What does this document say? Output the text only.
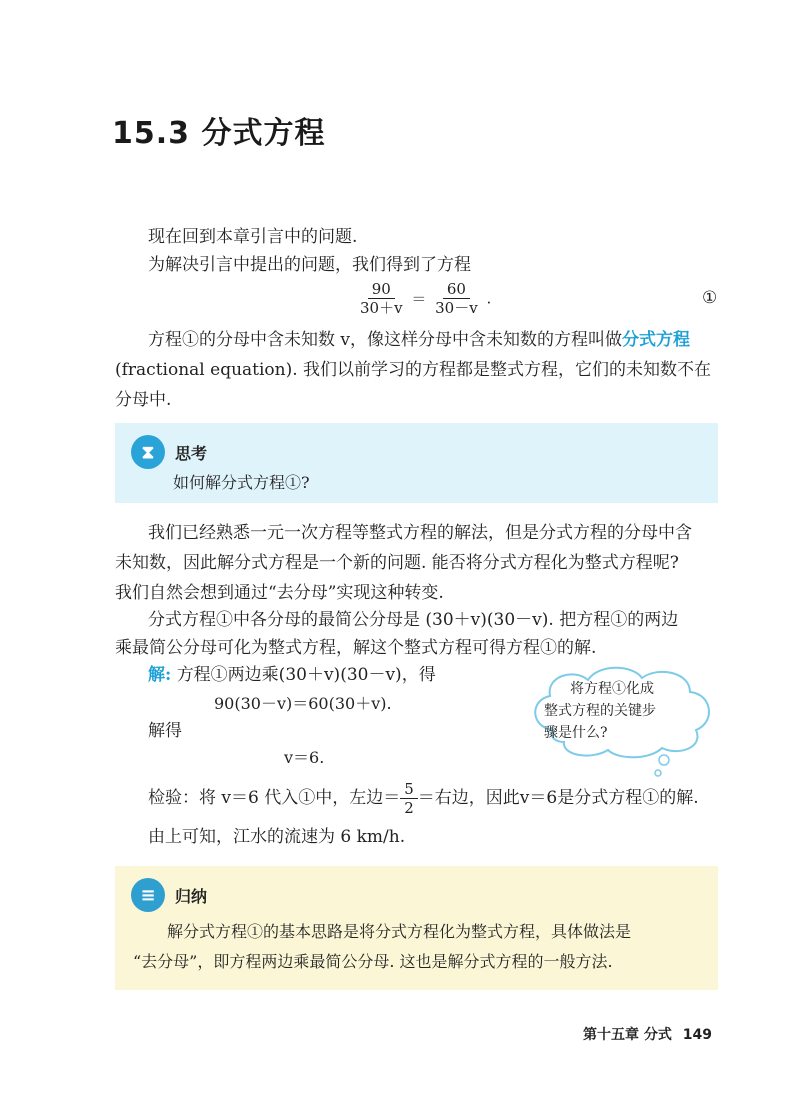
15.3 分式方程
现在回到本章引言中的问题.
为解决引言中提出的问题，我们得到了方程
$\frac{90}{30+v} = \frac{60}{30-v}$ .	①
方程①的分母中含未知数 v，像这样分母中含未知数的方程叫做分式方程
(fractional equation). 我们以前学习的方程都是整式方程，它们的未知数不在
分母中.
⧗	思考
如何解分式方程①?
我们已经熟悉一元一次方程等整式方程的解法，但是分式方程的分母中含
未知数，因此解分式方程是一个新的问题. 能否将分式方程化为整式方程呢?
我们自然会想到通过“去分母”实现这种转变.
分式方程①中各分母的最简公分母是 (30＋v)(30－v). 把方程①的两边
乘最简公分母可化为整式方程，解这个整式方程可得方程①的解.
解: 方程①两边乘(30＋v)(30－v)，得
90(30－v)＝60(30＋v).
解得
v＝6.
将方程①化成
整式方程的关键步
骤是什么?
检验：将 v＝6 代入①中，左边＝ $\frac{5}{2}$ ＝右边，因此v＝6是分式方程①的解.
由上可知，江水的流速为 6 km/h.
≡	归纳
解分式方程①的基本思路是将分式方程化为整式方程，具体做法是
“去分母”，即方程两边乘最简公分母. 这也是解分式方程的一般方法.
第十五章 分式 149
